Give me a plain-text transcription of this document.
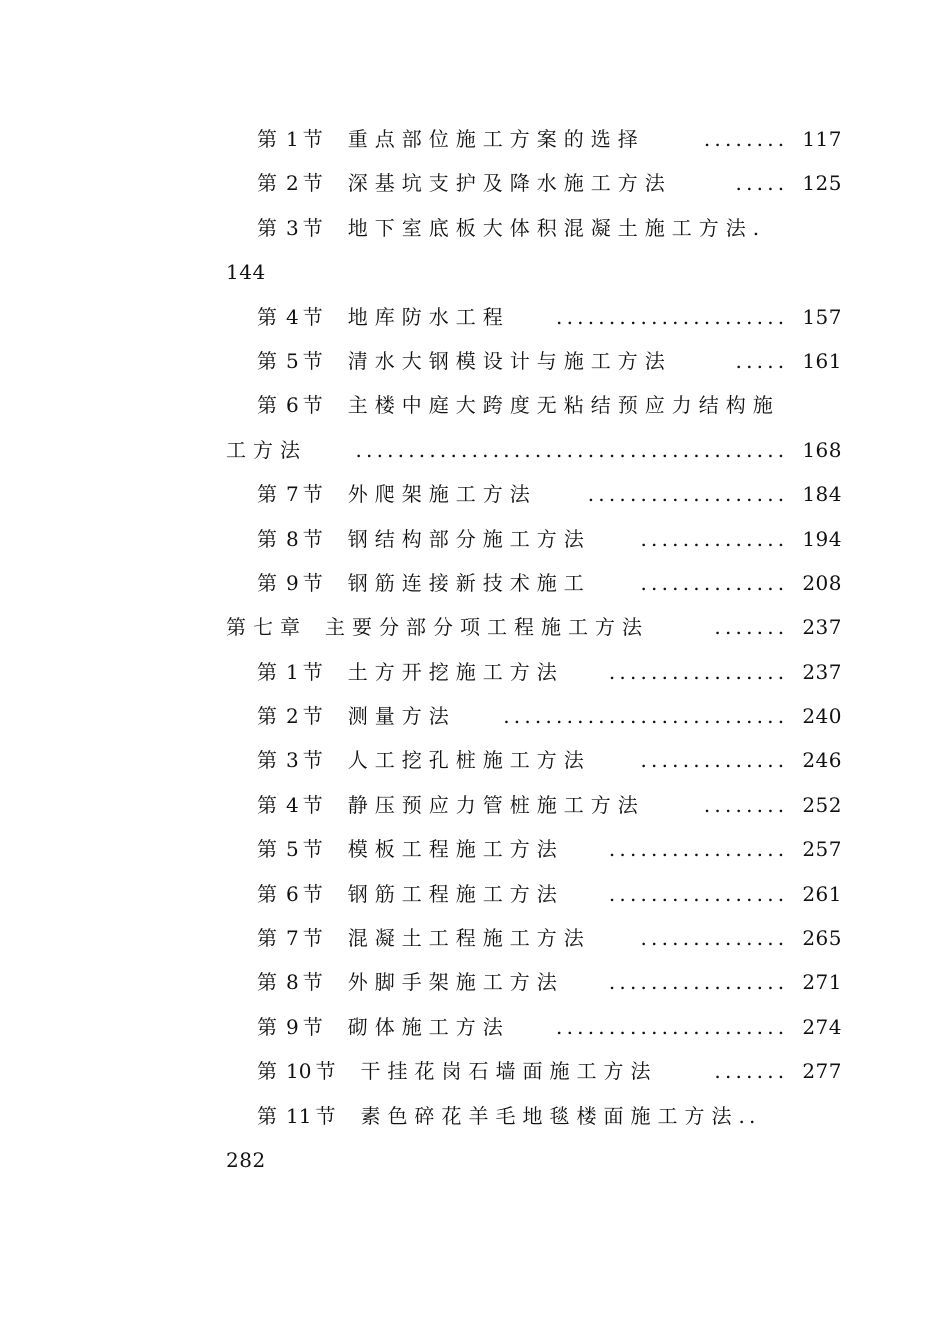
第 1 节 重点部位施工方案的选择	........ 117
第 2 节 深基坑支护及降水施工方法	..... 125
第 3 节 地下室底板大体积混凝土施工方法.
144
第 4 节 地库防水工程 ...................... 157
第 5 节 清水大钢模设计与施工方法	..... 161
第 6 节 主楼中庭大跨度无粘结预应力结构施
工方法 ......................................... 168
第 7 节 外爬架施工方法	................... 184
第 8 节 钢结构部分施工方法 .............. 194
第 9 节 钢筋连接新技术施工 .............. 208
第七章 主要分部分项工程施工方法	....... 237
第 1 节 土方开挖施工方法 ................. 237
第 2 节 测量方法 ........................... 240
第 3 节 人工挖孔桩施工方法 .............. 246
第 4 节 静压预应力管桩施工方法	........ 252
第 5 节 模板工程施工方法 ................. 257
第 6 节 钢筋工程施工方法 ................. 261
第 7 节 混凝土工程施工方法 .............. 265
第 8 节 外脚手架施工方法 ................. 271
第 9 节 砌体施工方法 ...................... 274
第 10 节 干挂花岗石墙面施工方法	....... 277
第 11 节 素色碎花羊毛地毯楼面施工方法..
282
